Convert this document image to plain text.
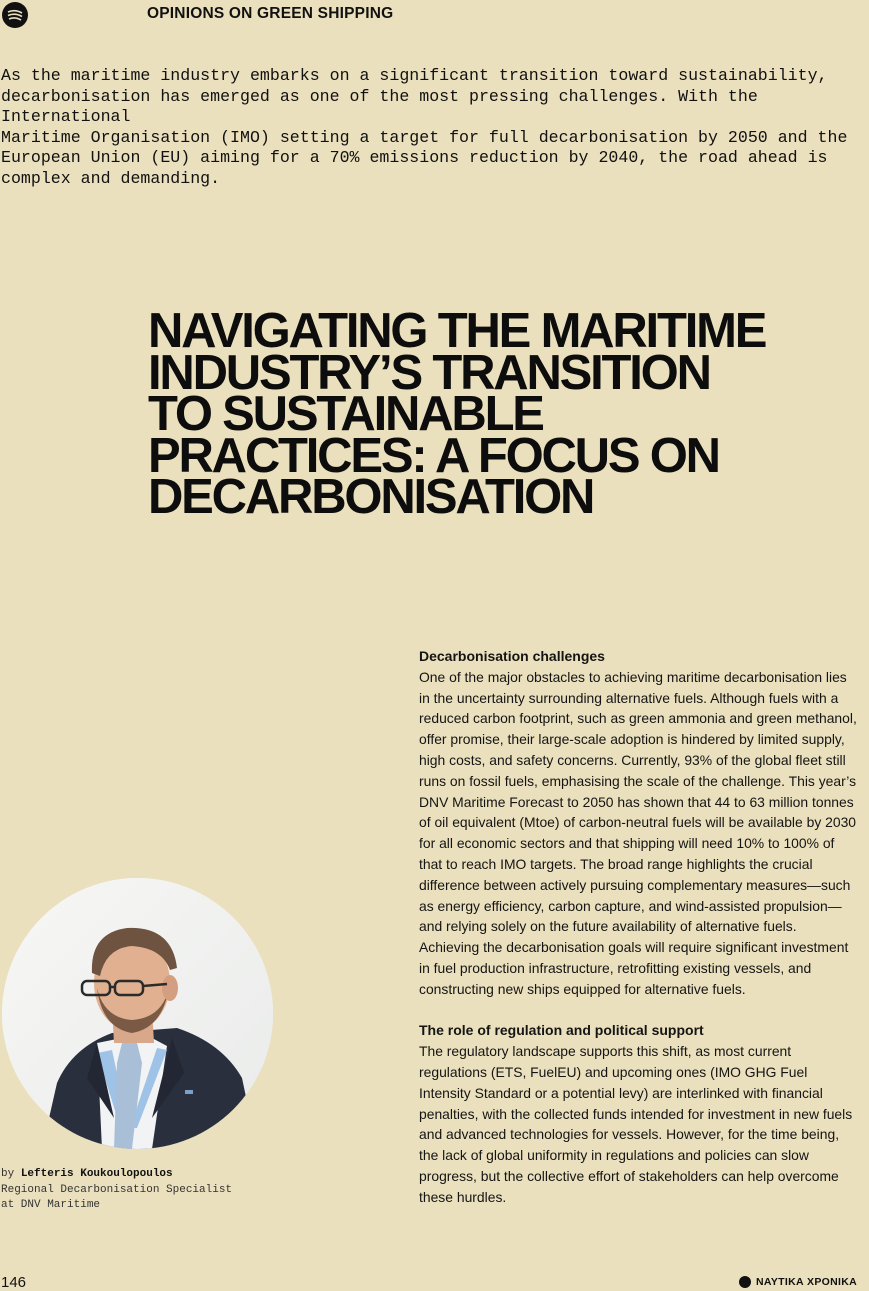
OPINIONS ON GREEN SHIPPING
As the maritime industry embarks on a significant transition toward sustainability,
decarbonisation has emerged as one of the most pressing challenges. With the International
Maritime Organisation (IMO) setting a target for full decarbonisation by 2050 and the
European Union (EU) aiming for a 70% emissions reduction by 2040, the road ahead is
complex and demanding.
NAVIGATING THE MARITIME
INDUSTRY’S TRANSITION
TO SUSTAINABLE
PRACTICES: A FOCUS ON
DECARBONISATION
by Lefteris Koukoulopoulos
Regional Decarbonisation Specialist
at DNV Maritime
Decarbonisation challenges

One of the major obstacles to achieving maritime decarbonisation lies in the uncertainty surrounding alternative fuels. Although fuels with a reduced carbon footprint, such as green ammonia and green methanol, offer promise, their large-scale adoption is hindered by limited supply, high costs, and safety concerns. Currently, 93% of the global fleet still runs on fossil fuels, emphasising the scale of the challenge. This year’s DNV Maritime Forecast to 2050 has shown that 44 to 63 million tonnes of oil equivalent (Mtoe) of carbon-neutral fuels will be available by 2030 for all economic sectors and that shipping will need 10% to 100% of that to reach IMO targets. The broad range highlights the crucial difference between actively pursuing complementary measures—such as energy efficiency, carbon capture, and wind-assisted propulsion—and relying solely on the future availability of alternative fuels.

Achieving the decarbonisation goals will require significant investment in fuel production infrastructure, retrofitting existing vessels, and constructing new ships equipped for alternative fuels.

The role of regulation and political support

The regulatory landscape supports this shift, as most current regulations (ETS, FuelEU) and upcoming ones (IMO GHG Fuel Intensity Standard or a potential levy) are interlinked with financial penalties, with the collected funds intended for investment in new fuels and advanced technologies for vessels. However, for the time being, the lack of global uniformity in regulations and policies can slow progress, but the collective effort of stakeholders can help overcome these hurdles.

146	ΝΑΥΤΙΚΑ ΧΡΟΝΙΚΑ
